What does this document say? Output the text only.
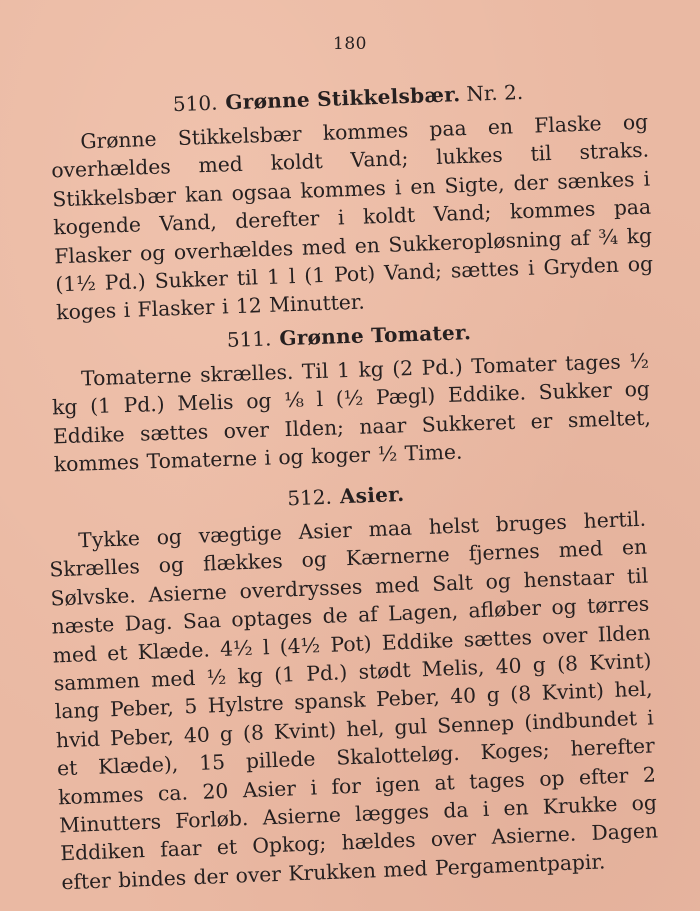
180
510. Grønne Stikkelsbær. Nr. 2.
Grønne Stikkelsbær kommes paa en Flaske og overhældes med koldt Vand; lukkes til straks. Stikkelsbær kan ogsaa kommes i en Sigte, der sænkes i kogende Vand, derefter i koldt Vand; kommes paa Flasker og overhældes med en Sukkeropløsning af ¾ kg (1½ Pd.) Sukker til 1 l (1 Pot) Vand; sættes i Gryden og koges i Flasker i 12 Minutter.
511. Grønne Tomater.
Tomaterne skrælles. Til 1 kg (2 Pd.) Tomater tages ½ kg (1 Pd.) Melis og ⅛ l (½ Pægl) Eddike. Sukker og Eddike sættes over Ilden; naar Sukkeret er smeltet, kommes Tomaterne i og koger ½ Time.
512. Asier.
Tykke og vægtige Asier maa helst bruges hertil. Skrælles og flækkes og Kærnerne fjernes med en Sølvske. Asierne overdrysses med Salt og henstaar til næste Dag. Saa optages de af Lagen, afløber og tørres med et Klæde. 4½ l (4½ Pot) Eddike sættes over Ilden sammen med ½ kg (1 Pd.) stødt Melis, 40 g (8 Kvint) lang Peber, 5 Hylstre spansk Peber, 40 g (8 Kvint) hel, hvid Peber, 40 g (8 Kvint) hel, gul Sennep (indbundet i et Klæde), 15 pillede Skalotteløg. Koges; herefter kommes ca. 20 Asier i for igen at tages op efter 2 Minutters Forløb. Asierne lægges da i en Krukke og Eddiken faar et Opkog; hældes over Asierne. Dagen efter bindes der over Krukken med Pergamentpapir.
